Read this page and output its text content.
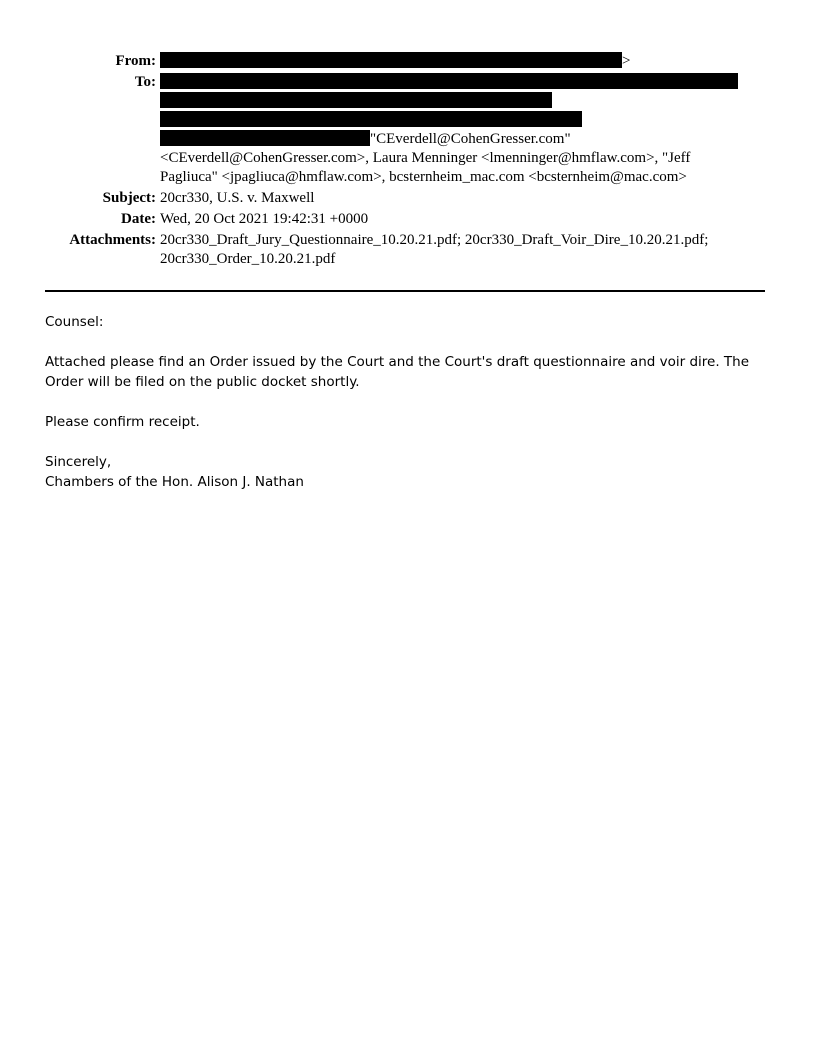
From:	>
To:
"CEverdell@CohenGresser.com"
<CEverdell@CohenGresser.com>, Laura Menninger <lmenninger@hmflaw.com>, "Jeff Pagliuca" <jpagliuca@hmflaw.com>, bcsternheim_mac.com <bcsternheim@mac.com>
Subject: 20cr330, U.S. v. Maxwell
Date: Wed, 20 Oct 2021 19:42:31 +0000
Attachments: 20cr330_Draft_Jury_Questionnaire_10.20.21.pdf; 20cr330_Draft_Voir_Dire_10.20.21.pdf; 20cr330_Order_10.20.21.pdf

Counsel:

Attached please find an Order issued by the Court and the Court's draft questionnaire and voir dire. The Order will be filed on the public docket shortly.

Please confirm receipt.

Sincerely,

Chambers of the Hon. Alison J. Nathan
